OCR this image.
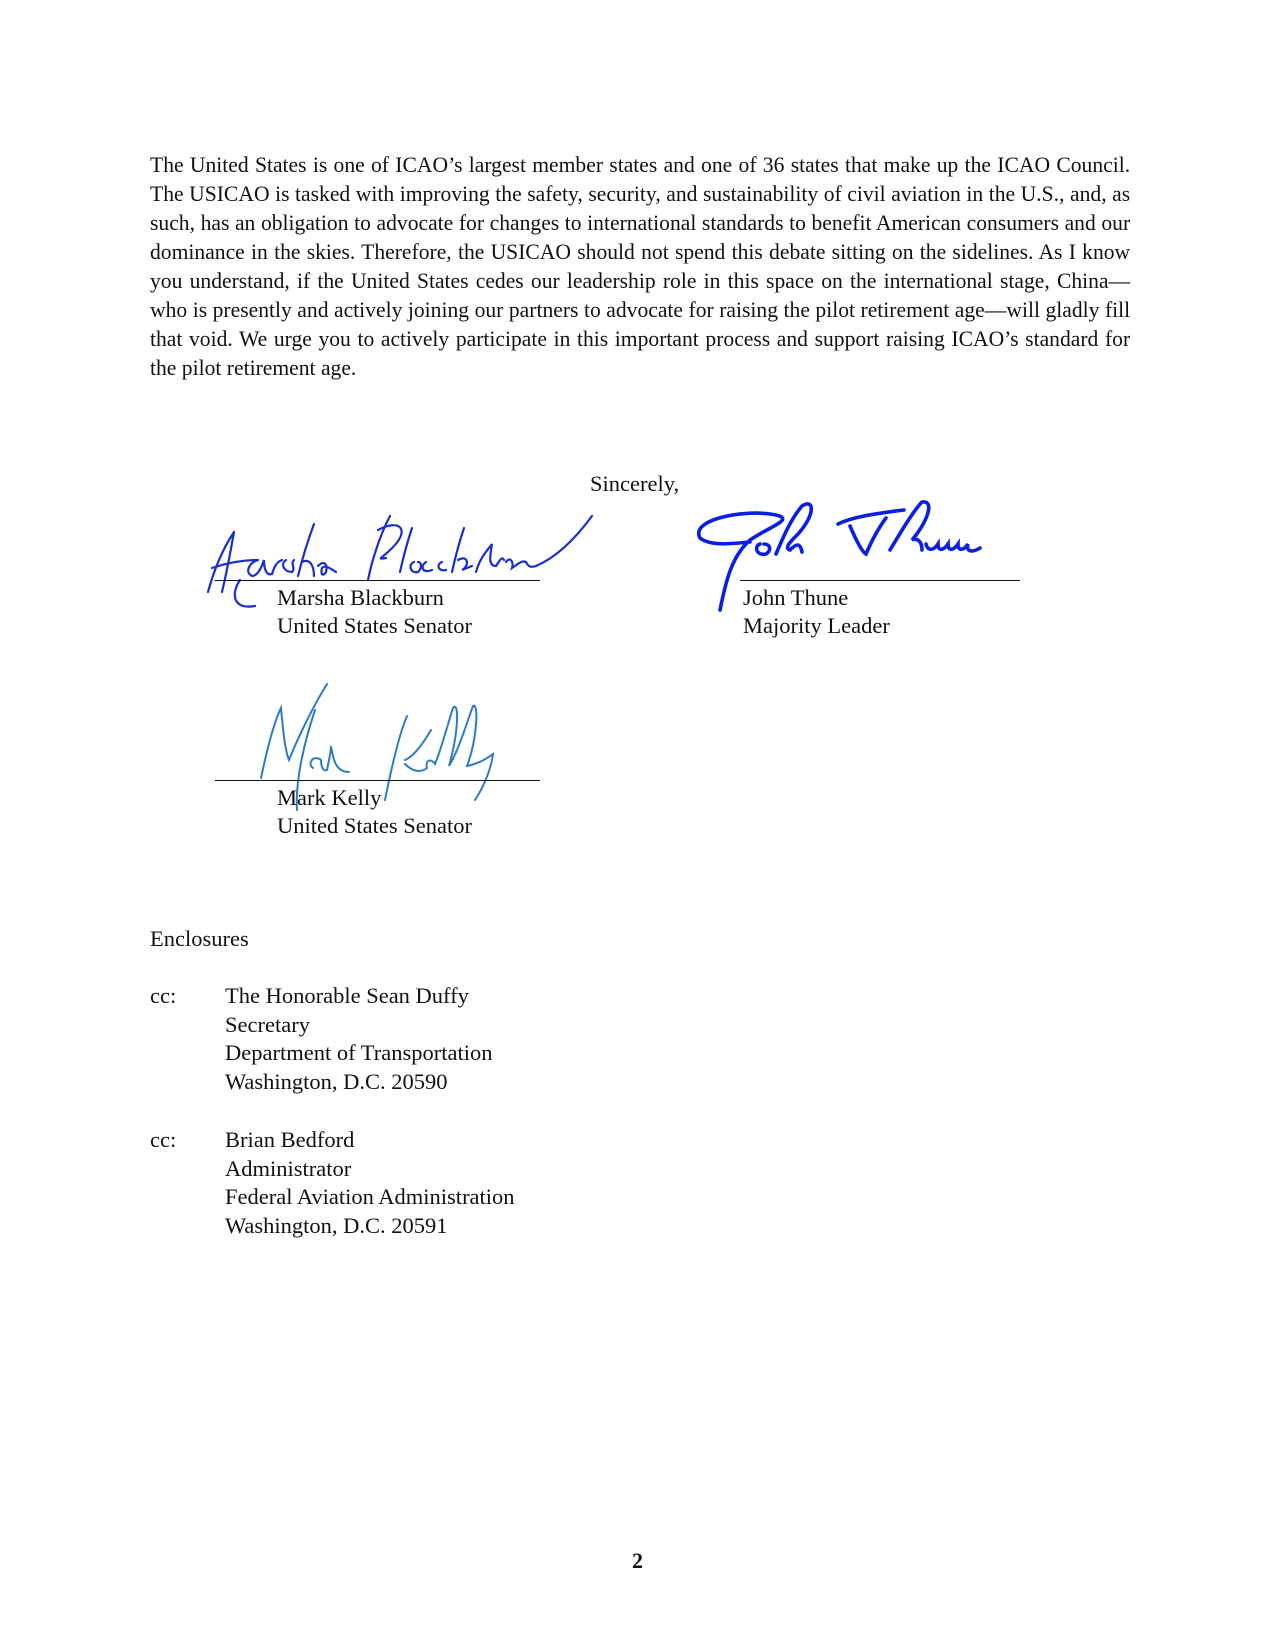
The United States is one of ICAO’s largest member states and one of 36 states that make up the ICAO Council. The USICAO is tasked with improving the safety, security, and sustainability of civil aviation in the U.S., and, as such, has an obligation to advocate for changes to international standards to benefit American consumers and our dominance in the skies. Therefore, the USICAO should not spend this debate sitting on the sidelines. As I know you understand, if the United States cedes our leadership role in this space on the international stage, China—who is presently and actively joining our partners to advocate for raising the pilot retirement age—will gladly fill that void. We urge you to actively participate in this important process and support raising ICAO’s standard for the pilot retirement age.

Sincerely,
Marsha Blackburn
United States Senator
John Thune
Majority Leader
Mark Kelly
United States Senator
Enclosures
cc: The Honorable Sean Duffy
Secretary
Department of Transportation
Washington, D.C. 20590
cc: Brian Bedford
Administrator
Federal Aviation Administration
Washington, D.C. 20591
2
